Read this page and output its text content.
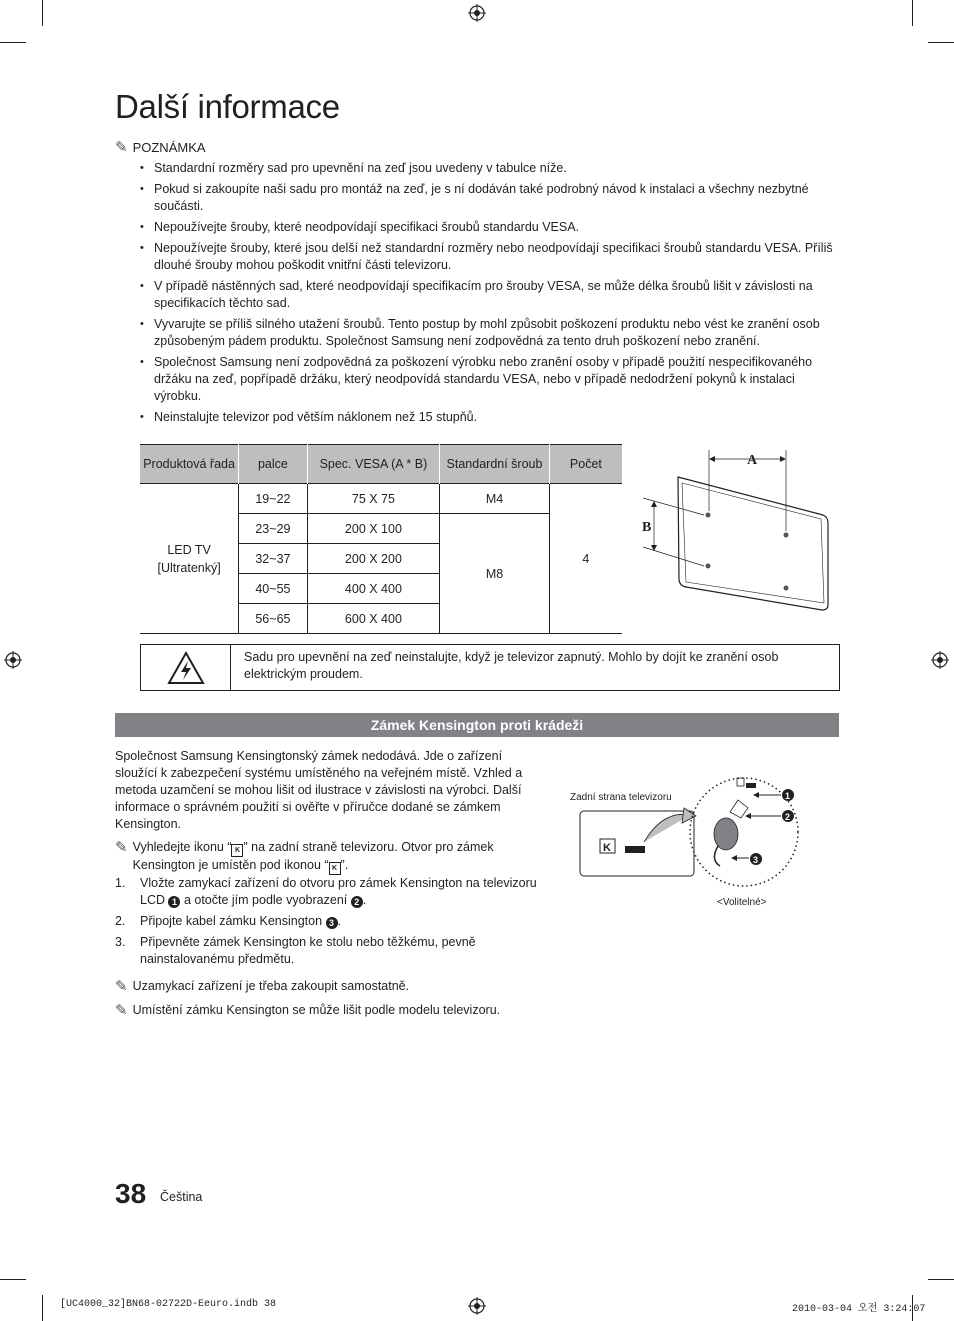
Další informace
✎ POZNÁMKA
• Standardní rozměry sad pro upevnění na zeď jsou uvedeny v tabulce níže.
• Pokud si zakoupíte naši sadu pro montáž na zeď, je s ní dodáván také podrobný návod k instalaci a všechny nezbytné součásti.
• Nepoužívejte šrouby, které neodpovídají specifikaci šroubů standardu VESA.
• Nepoužívejte šrouby, které jsou delší než standardní rozměry nebo neodpovídají specifikaci šroubů standardu VESA. Příliš dlouhé šrouby mohou poškodit vnitřní části televizoru.
• V případě nástěnných sad, které neodpovídají specifikacím pro šrouby VESA, se může délka šroubů lišit v závislosti na specifikacích těchto sad.
• Vyvarujte se příliš silného utažení šroubů. Tento postup by mohl způsobit poškození produktu nebo vést ke zranění osob způsobeným pádem produktu. Společnost Samsung není zodpovědná za tento druh poškození nebo zranění.
• Společnost Samsung není zodpovědná za poškození výrobku nebo zranění osoby v případě použití nespecifikovaného držáku na zeď, popřípadě držáku, který neodpovídá standardu VESA, nebo v případě nedodržení pokynů k instalaci výrobku.
• Neinstalujte televizor pod větším náklonem než 15 stupňů.
Produktová řada	palce	Spec. VESA (A * B)	Standardní šroub	Počet
LED TV [Ultratenký]	19~22	75 X 75	M4	4
	23~29	200 X 100	M8	
	32~37	200 X 200		
	40~55	400 X 400		
	56~65	600 X 400		
A
B
Sadu pro upevnění na zeď neinstalujte, když je televizor zapnutý. Mohlo by dojít ke zranění osob elektrickým proudem.
Zámek Kensington proti krádeži
Společnost Samsung Kensingtonský zámek nedodává. Jde o zařízení sloužící k zabezpečení systému umístěného na veřejném místě. Vzhled a metoda uzamčení se mohou lišit od ilustrace v závislosti na výrobci. Další informace o správném použití si ověřte v příručce dodané se zámkem Kensington.
✎ Vyhledejte ikonu “ K ” na zadní straně televizoru. Otvor pro zámek Kensington je umístěn pod ikonou “ K ”.
1.	Vložte zamykací zařízení do otvoru pro zámek Kensington na televizoru LCD 1 a otočte jím podle vyobrazení 2 .
2.	Připojte kabel zámku Kensington 3 .
3.	Připevněte zámek Kensington ke stolu nebo těžkému, pevně nainstalovanému předmětu.
✎ Uzamykací zařízení je třeba zakoupit samostatně.
✎ Umístění zámku Kensington se může lišit podle modelu televizoru.
Zadní strana televizoru
K
1
2
3
<Volitelné>
38 Čeština
[UC4000_32]BN68-02722D-Eeuro.indb 38	2010-03-04 오전 3:24:07
